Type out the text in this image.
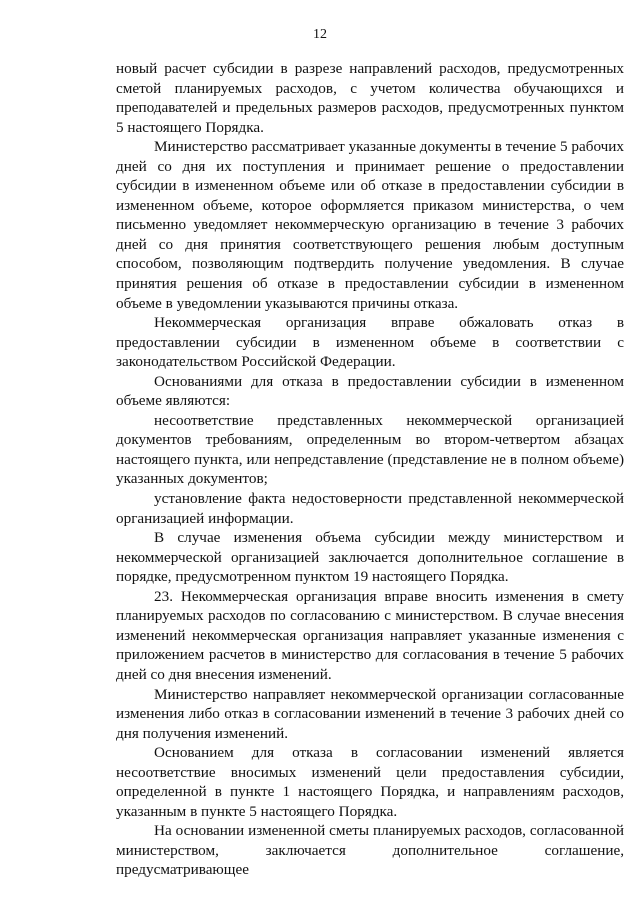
12

новый расчет субсидии в разрезе направлений расходов, предусмотренных сметой планируемых расходов, с учетом количества обучающихся и преподавателей и предельных размеров расходов, предусмотренных пунктом 5 настоящего Порядка.

Министерство рассматривает указанные документы в течение 5 рабочих дней со дня их поступления и принимает решение о предоставлении субсидии в измененном объеме или об отказе в предоставлении субсидии в измененном объеме, которое оформляется приказом министерства, о чем письменно уведомляет некоммерческую организацию в течение 3 рабочих дней со дня принятия соответствующего решения любым доступным способом, позволяющим подтвердить получение уведомления. В случае принятия решения об отказе в предоставлении субсидии в измененном объеме в уведомлении указываются причины отказа.

Некоммерческая организация вправе обжаловать отказ в предоставлении субсидии в измененном объеме в соответствии с законодательством Российской Федерации.

Основаниями для отказа в предоставлении субсидии в измененном объеме являются:

несоответствие представленных некоммерческой организацией документов требованиям, определенным во втором-четвертом абзацах настоящего пункта, или непредставление (представление не в полном объеме) указанных документов;

установление факта недостоверности представленной некоммерческой организацией информации.

В случае изменения объема субсидии между министерством и некоммерческой организацией заключается дополнительное соглашение в порядке, предусмотренном пунктом 19 настоящего Порядка.

23. Некоммерческая организация вправе вносить изменения в смету планируемых расходов по согласованию с министерством. В случае внесения изменений некоммерческая организация направляет указанные изменения с приложением расчетов в министерство для согласования в течение 5 рабочих дней со дня внесения изменений.

Министерство направляет некоммерческой организации согласованные изменения либо отказ в согласовании изменений в течение 3 рабочих дней со дня получения изменений.

Основанием для отказа в согласовании изменений является несоответствие вносимых изменений цели предоставления субсидии, определенной в пункте 1 настоящего Порядка, и направлениям расходов, указанным в пункте 5 настоящего Порядка.

На основании измененной сметы планируемых расходов, согласованной министерством, заключается дополнительное соглашение, предусматривающее
